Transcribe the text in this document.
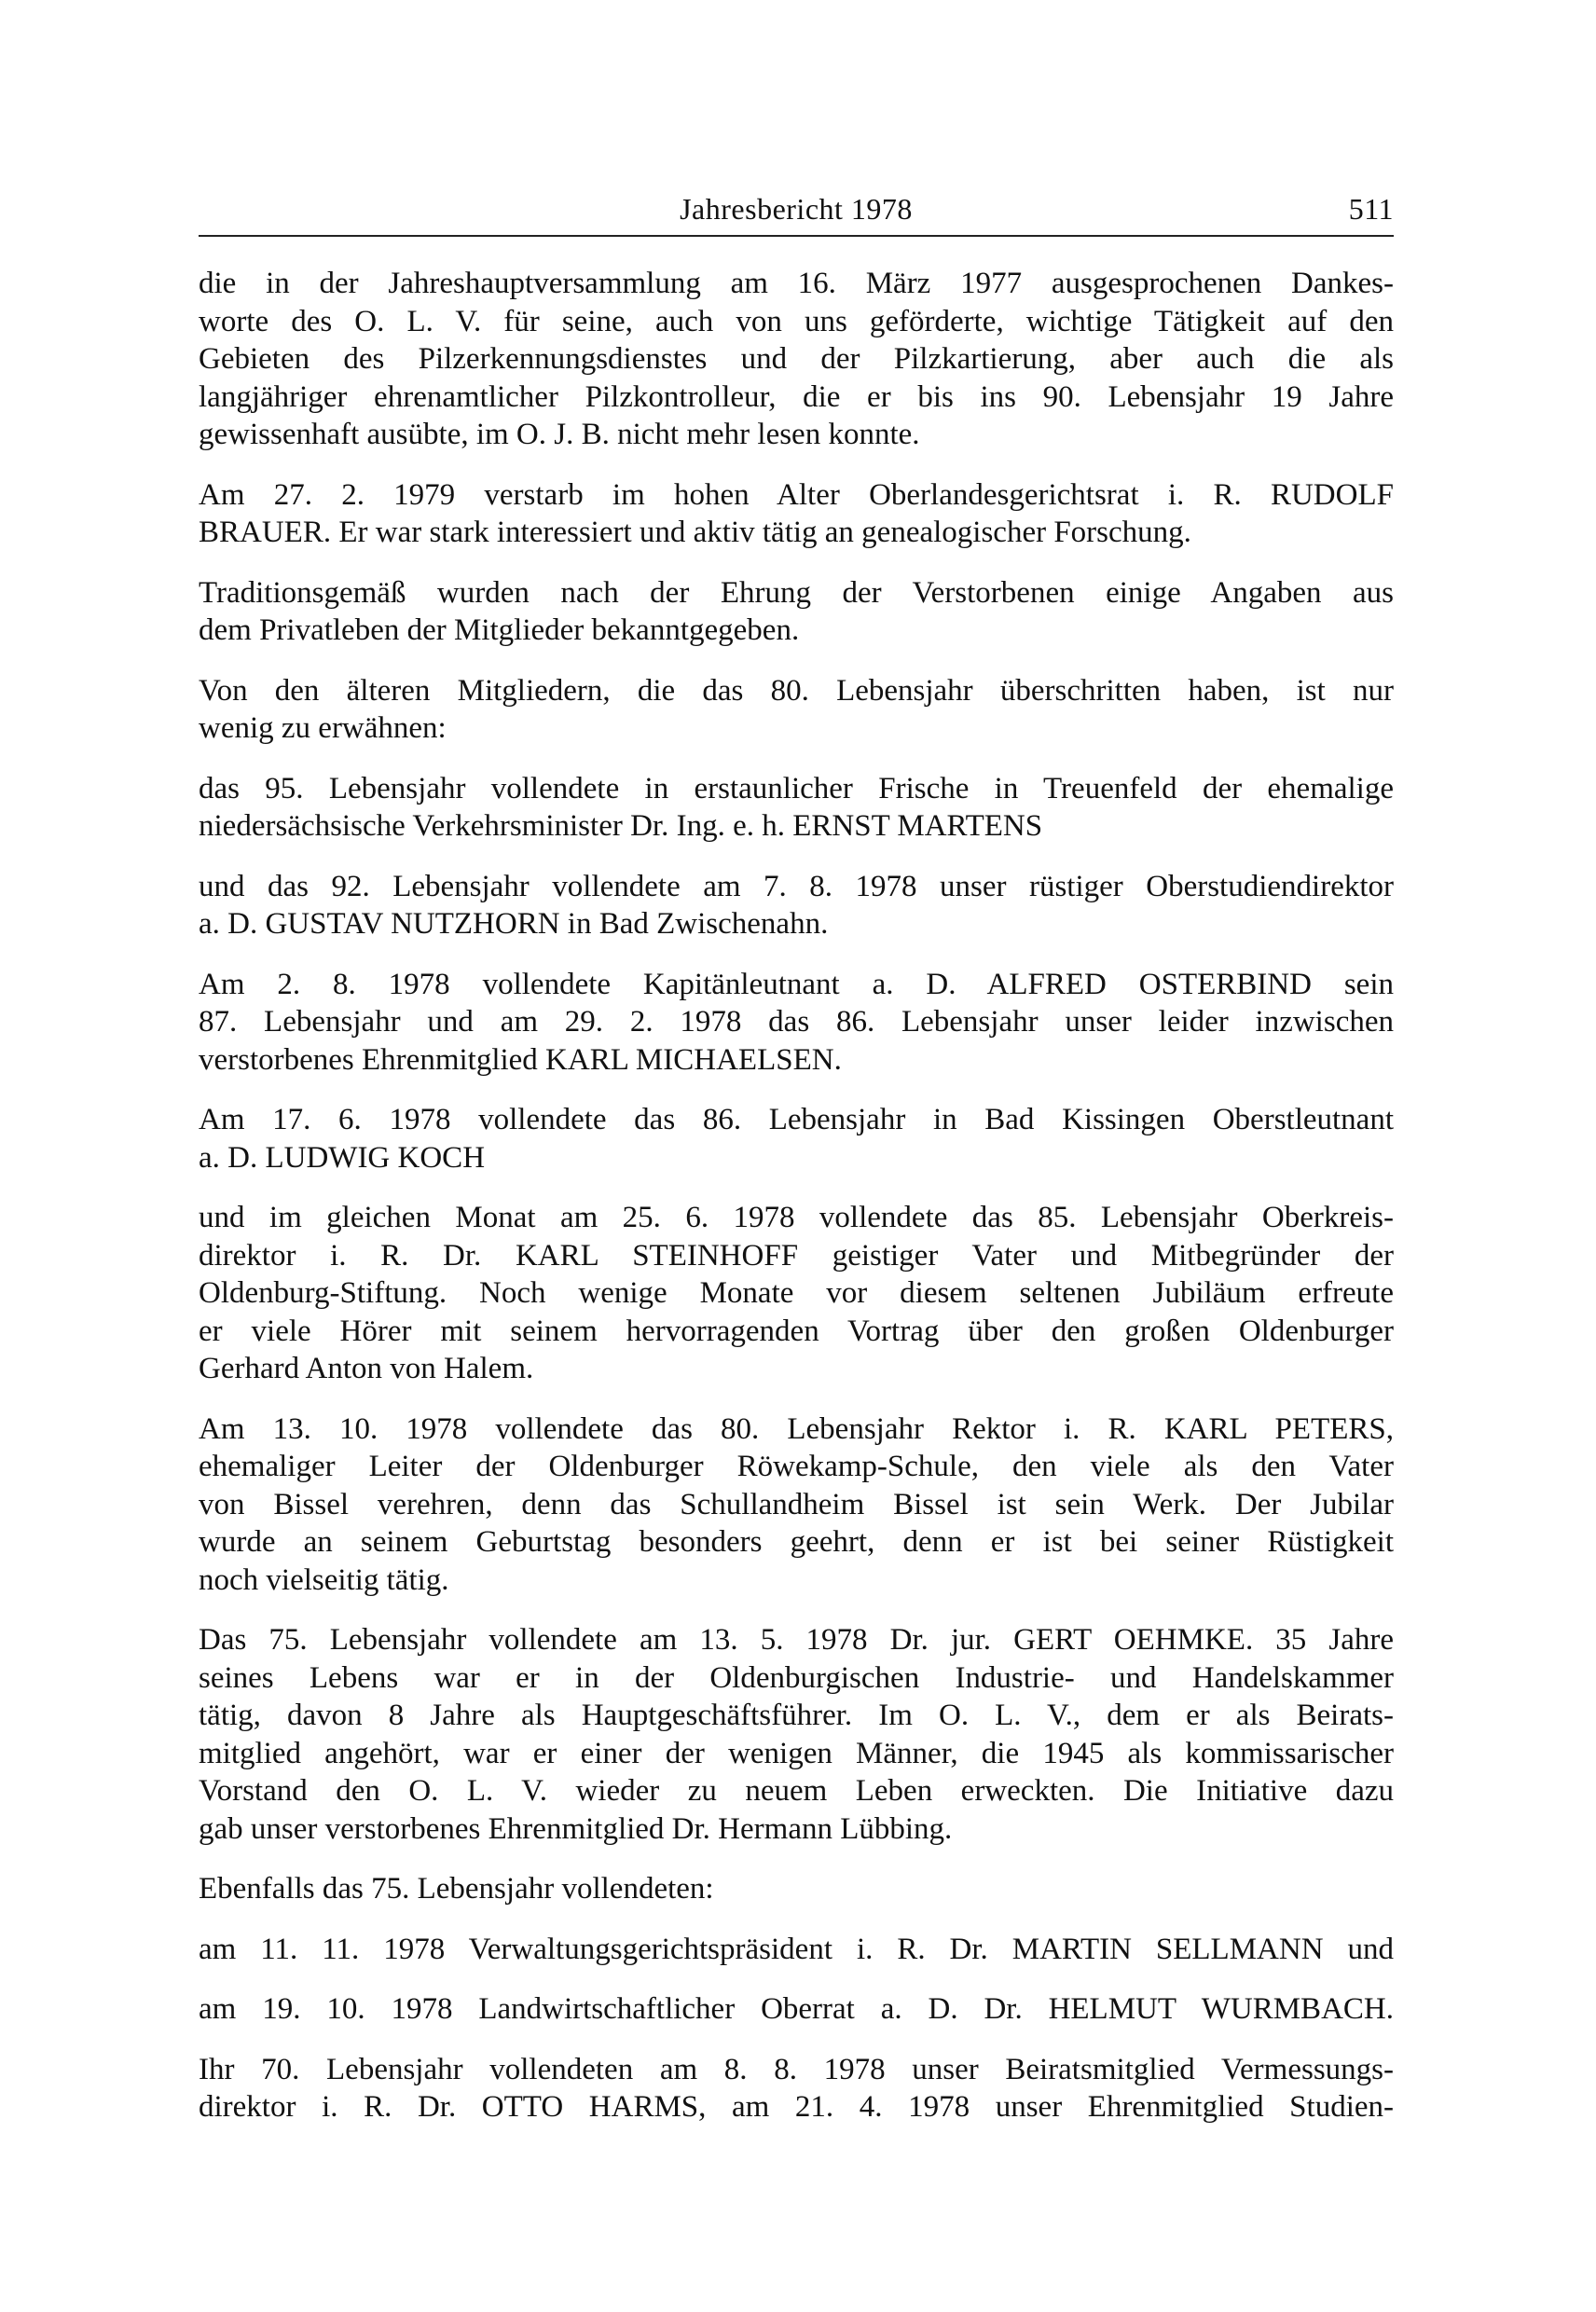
Jahresbericht 1978	511
die in der Jahreshauptversammlung am 16. März 1977 ausgesprochenen Dankes-
worte des O. L. V. für seine, auch von uns geförderte, wichtige Tätigkeit auf den
Gebieten des Pilzerkennungsdienstes und der Pilzkartierung, aber auch die als
langjähriger ehrenamtlicher Pilzkontrolleur, die er bis ins 90. Lebensjahr 19 Jahre
gewissenhaft ausübte, im O. J. B. nicht mehr lesen konnte.
Am 27. 2. 1979 verstarb im hohen Alter Oberlandesgerichtsrat i. R. RUDOLF
BRAUER. Er war stark interessiert und aktiv tätig an genealogischer Forschung.
Traditionsgemäß wurden nach der Ehrung der Verstorbenen einige Angaben aus
dem Privatleben der Mitglieder bekanntgegeben.
Von den älteren Mitgliedern, die das 80. Lebensjahr überschritten haben, ist nur
wenig zu erwähnen:
das 95. Lebensjahr vollendete in erstaunlicher Frische in Treuenfeld der ehemalige
niedersächsische Verkehrsminister Dr. Ing. e. h. ERNST MARTENS
und das 92. Lebensjahr vollendete am 7. 8. 1978 unser rüstiger Oberstudiendirektor
a. D. GUSTAV NUTZHORN in Bad Zwischenahn.
Am 2. 8. 1978 vollendete Kapitänleutnant a. D. ALFRED OSTERBIND sein
87. Lebensjahr und am 29. 2. 1978 das 86. Lebensjahr unser leider inzwischen
verstorbenes Ehrenmitglied KARL MICHAELSEN.
Am 17. 6. 1978 vollendete das 86. Lebensjahr in Bad Kissingen Oberstleutnant
a. D. LUDWIG KOCH
und im gleichen Monat am 25. 6. 1978 vollendete das 85. Lebensjahr Oberkreis-
direktor i. R. Dr. KARL STEINHOFF geistiger Vater und Mitbegründer der
Oldenburg-Stiftung. Noch wenige Monate vor diesem seltenen Jubiläum erfreute
er viele Hörer mit seinem hervorragenden Vortrag über den großen Oldenburger
Gerhard Anton von Halem.
Am 13. 10. 1978 vollendete das 80. Lebensjahr Rektor i. R. KARL PETERS,
ehemaliger Leiter der Oldenburger Röwekamp-Schule, den viele als den Vater
von Bissel verehren, denn das Schullandheim Bissel ist sein Werk. Der Jubilar
wurde an seinem Geburtstag besonders geehrt, denn er ist bei seiner Rüstigkeit
noch vielseitig tätig.
Das 75. Lebensjahr vollendete am 13. 5. 1978 Dr. jur. GERT OEHMKE. 35 Jahre
seines Lebens war er in der Oldenburgischen Industrie- und Handelskammer
tätig, davon 8 Jahre als Hauptgeschäftsführer. Im O. L. V., dem er als Beirats-
mitglied angehört, war er einer der wenigen Männer, die 1945 als kommissarischer
Vorstand den O. L. V. wieder zu neuem Leben erweckten. Die Initiative dazu
gab unser verstorbenes Ehrenmitglied Dr. Hermann Lübbing.
Ebenfalls das 75. Lebensjahr vollendeten:
am 11. 11. 1978 Verwaltungsgerichtspräsident i. R. Dr. MARTIN SELLMANN und
am 19. 10. 1978 Landwirtschaftlicher Oberrat a. D. Dr. HELMUT WURMBACH.
Ihr 70. Lebensjahr vollendeten am 8. 8. 1978 unser Beiratsmitglied Vermessungs-
direktor i. R. Dr. OTTO HARMS, am 21. 4. 1978 unser Ehrenmitglied Studien-
